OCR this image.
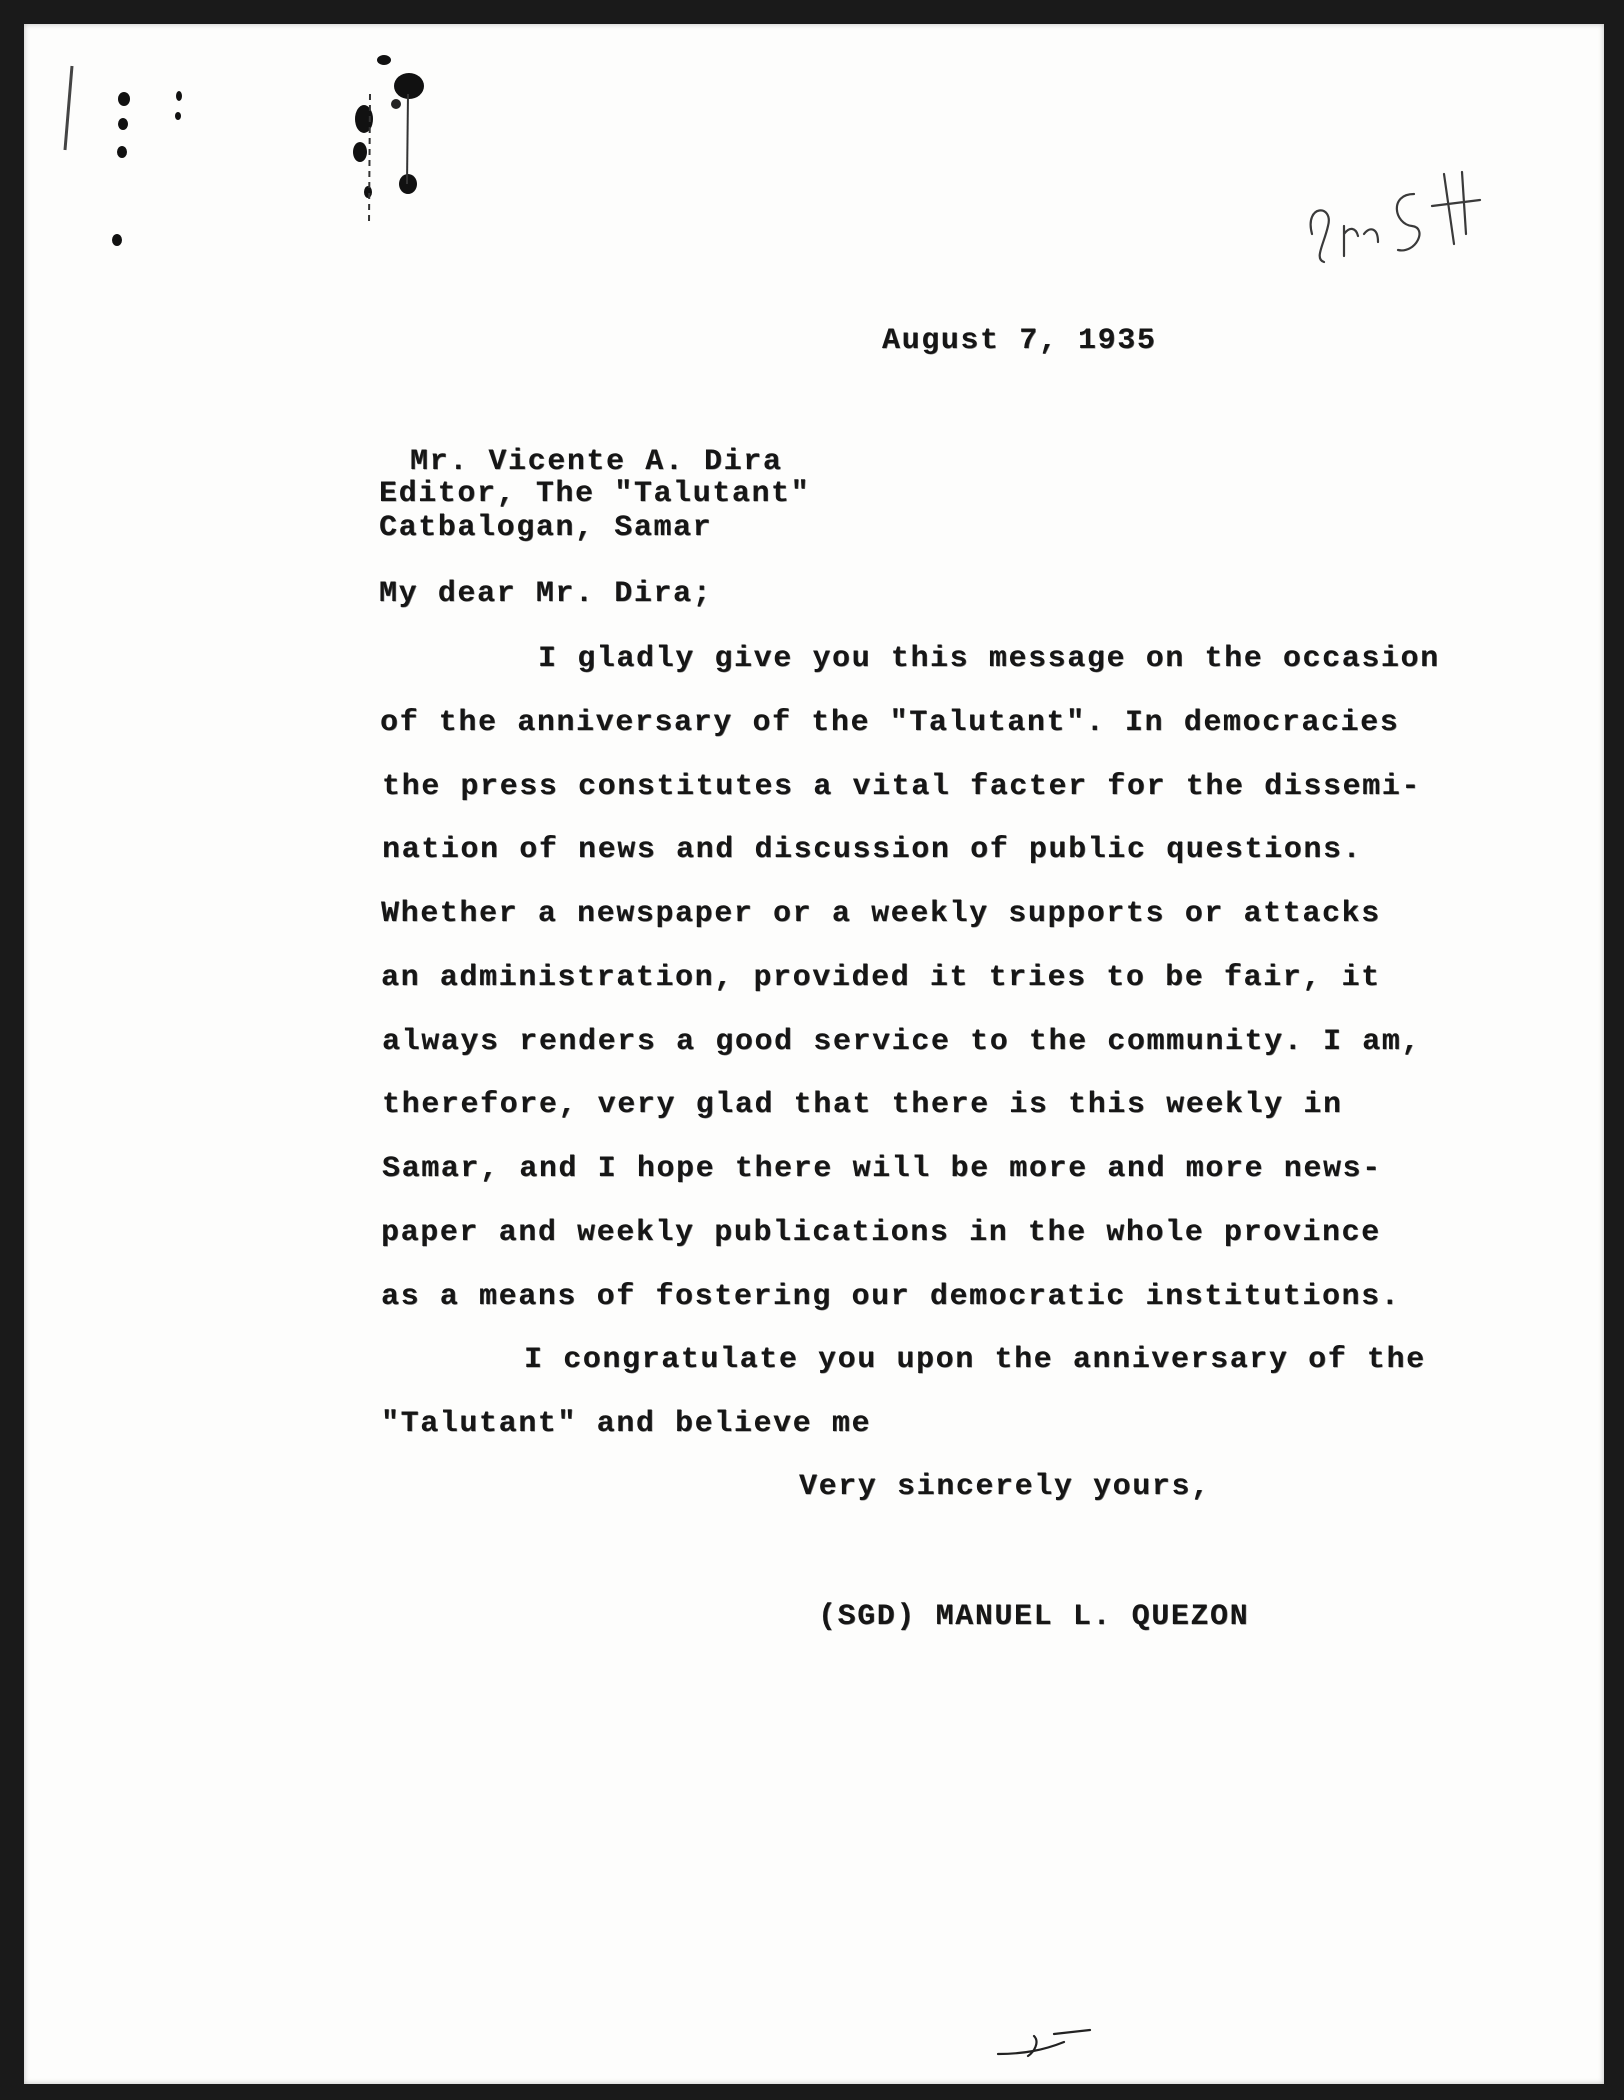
August 7, 1935
Mr. Vicente A. Dira
Editor, The "Talutant"
Catbalogan, Samar
My dear Mr. Dira;
I gladly give you this message on the occasion
of the anniversary of the "Talutant". In democracies
the press constitutes a vital facter for the dissemi-
nation of news and discussion of public questions.
Whether a newspaper or a weekly supports or attacks
an administration, provided it tries to be fair, it
always renders a good service to the community. I am,
therefore, very glad that there is this weekly in
Samar, and I hope there will be more and more news-
paper and weekly publications in the whole province
as a means of fostering our democratic institutions.
I congratulate you upon the anniversary of the
"Talutant" and believe me
Very sincerely yours,
(SGD) MANUEL L. QUEZON
